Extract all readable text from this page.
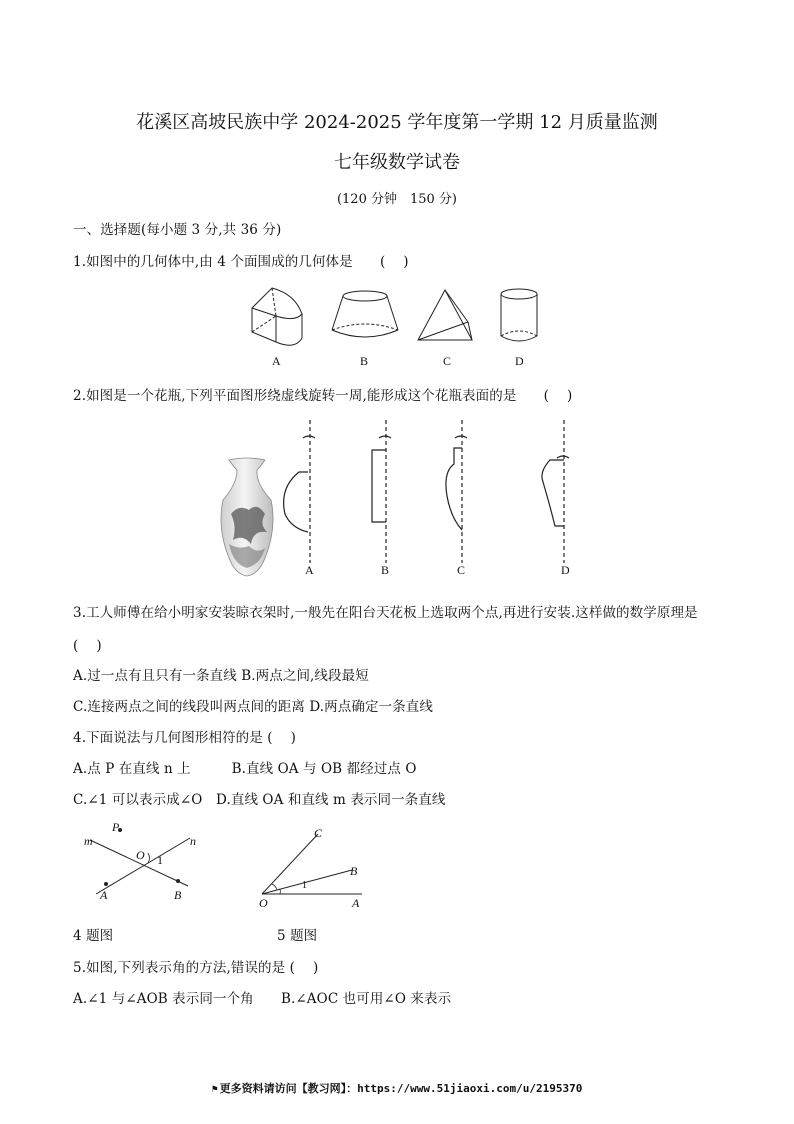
花溪区高坡民族中学 2024-2025 学年度第一学期 12 月质量监测
七年级数学试卷
(120 分钟　150 分)
一、选择题(每小题 3 分,共 36 分)
1.如图中的几何体中,由 4 个面围成的几何体是　　(　 )
A	B	C	D
2.如图是一个花瓶,下列平面图形绕虚线旋转一周,能形成这个花瓶表面的是　　(　 )
A	B	C	D
3.工人师傅在给小明家安装晾衣架时,一般先在阳台天花板上选取两个点,再进行安装.这样做的数学原理是
(　 )
A.过一点有且只有一条直线 B.两点之间,线段最短
C.连接两点之间的线段叫两点间的距离 D.两点确定一条直线
4.下面说法与几何图形相符的是 (　 )
A.点 P 在直线 n 上　　　B.直线 OA 与 OB 都经过点 O
C.∠1 可以表示成∠O　D.直线 OA 和直线 m 表示同一条直线
P
m	n
O 1
A	B
C
B
O	A
1
4 题图	5 题图
5.如图,下列表示角的方法,错误的是 (　 )
A.∠1 与∠AOB 表示同一个角　　B.∠AOC 也可用∠O 来表示
⚑ 更多资料请访问【教习网】：https://www.51jiaoxi.com/u/2195370
